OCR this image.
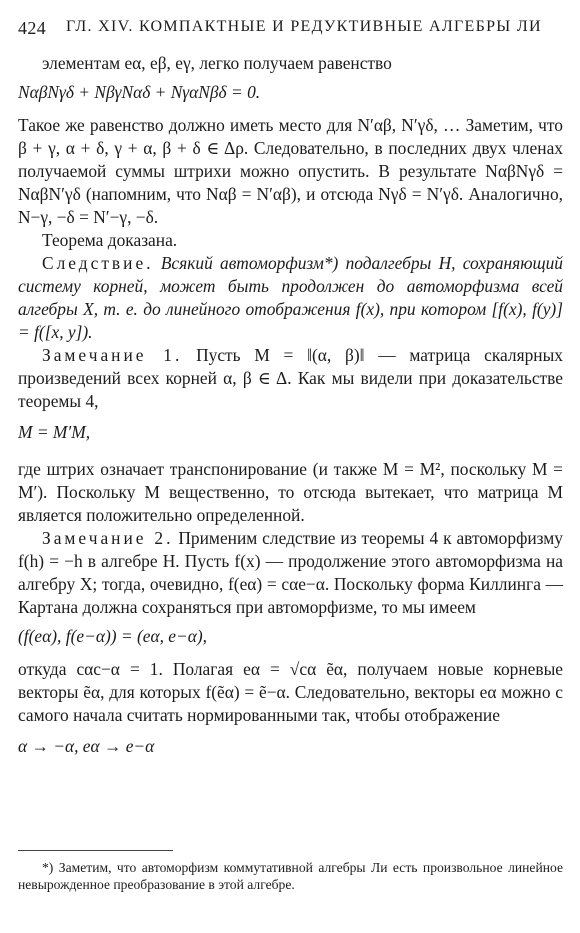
424 ГЛ. XIV. КОМПАКТНЫЕ И РЕДУКТИВНЫЕ АЛГЕБРЫ ЛИ

элементам eα, eβ, eγ, легко получаем равенство

NαβNγδ + NβγNαδ + NγαNβδ = 0.

Такое же равенство должно иметь место для N′αβ, N′γδ, … Заметим, что β + γ, α + δ, γ + α, β + δ ∈ Δρ. Следовательно, в последних двух членах получаемой суммы штрихи можно опустить. В результате NαβNγδ = NαβN′γδ (напомним, что Nαβ = N′αβ), и отсюда Nγδ = N′γδ. Аналогично, N−γ, −δ = N′−γ, −δ.

Теорема доказана.

Следствие. Всякий автоморфизм*) подалгебры H, сохраняющий систему корней, может быть продолжен до автоморфизма всей алгебры X, т. е. до линейного отображения f(x), при котором [f(x), f(y)] = f([x, y]).

Замечание 1. Пусть M = ‖(α, β)‖ — матрица скалярных произведений всех корней α, β ∈ Δ. Как мы видели при доказательстве теоремы 4,

M = M′M,

где штрих означает транспонирование (и также M = M², поскольку M = M′). Поскольку M вещественно, то отсюда вытекает, что матрица M является положительно определенной.

Замечание 2. Применим следствие из теоремы 4 к автоморфизму f(h) = −h в алгебре H. Пусть f(x) — продолжение этого автоморфизма на алгебру X; тогда, очевидно, f(eα) = cαe−α. Поскольку форма Киллинга — Картана должна сохраняться при автоморфизме, то мы имеем

(f(eα), f(e−α)) = (eα, e−α),

откуда cαc−α = 1. Полагая eα = √cα ẽα, получаем новые корневые векторы ẽα, для которых f(ẽα) = ẽ−α. Следовательно, векторы eα можно с самого начала считать нормированными так, чтобы отображение

α → −α, eα → e−α

*) Заметим, что автоморфизм коммутативной алгебры Ли есть произвольное линейное невырожденное преобразование в этой алгебре.
